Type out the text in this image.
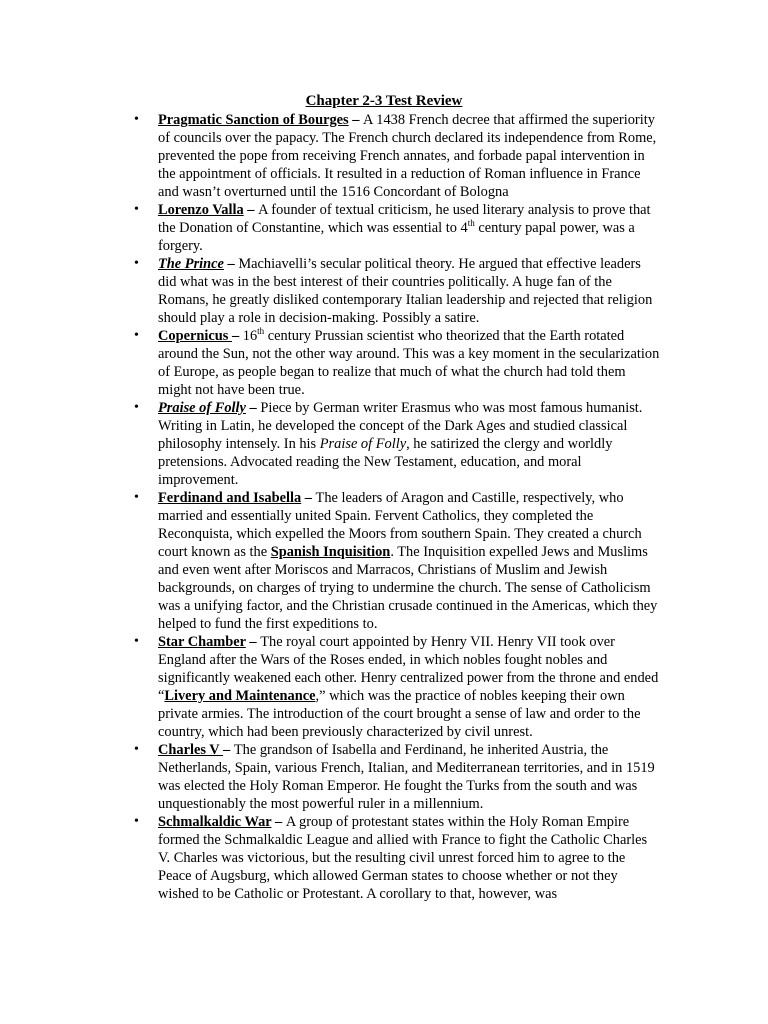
Chapter 2-3 Test Review
• Pragmatic Sanction of Bourges – A 1438 French decree that affirmed the superiority of councils over the papacy. The French church declared its independence from Rome, prevented the pope from receiving French annates, and forbade papal intervention in the appointment of officials. It resulted in a reduction of Roman influence in France and wasn’t overturned until the 1516 Concordant of Bologna
• Lorenzo Valla – A founder of textual criticism, he used literary analysis to prove that the Donation of Constantine, which was essential to 4th century papal power, was a forgery.
• The Prince – Machiavelli’s secular political theory. He argued that effective leaders did what was in the best interest of their countries politically. A huge fan of the Romans, he greatly disliked contemporary Italian leadership and rejected that religion should play a role in decision-making. Possibly a satire.
• Copernicus – 16th century Prussian scientist who theorized that the Earth rotated around the Sun, not the other way around. This was a key moment in the secularization of Europe, as people began to realize that much of what the church had told them might not have been true.
• Praise of Folly – Piece by German writer Erasmus who was most famous humanist. Writing in Latin, he developed the concept of the Dark Ages and studied classical philosophy intensely. In his Praise of Folly, he satirized the clergy and worldly pretensions. Advocated reading the New Testament, education, and moral improvement.
• Ferdinand and Isabella – The leaders of Aragon and Castille, respectively, who married and essentially united Spain. Fervent Catholics, they completed the Reconquista, which expelled the Moors from southern Spain. They created a church court known as the Spanish Inquisition. The Inquisition expelled Jews and Muslims and even went after Moriscos and Marracos, Christians of Muslim and Jewish backgrounds, on charges of trying to undermine the church. The sense of Catholicism was a unifying factor, and the Christian crusade continued in the Americas, which they helped to fund the first expeditions to.
• Star Chamber – The royal court appointed by Henry VII. Henry VII took over England after the Wars of the Roses ended, in which nobles fought nobles and significantly weakened each other. Henry centralized power from the throne and ended “Livery and Maintenance,” which was the practice of nobles keeping their own private armies. The introduction of the court brought a sense of law and order to the country, which had been previously characterized by civil unrest.
• Charles V – The grandson of Isabella and Ferdinand, he inherited Austria, the Netherlands, Spain, various French, Italian, and Mediterranean territories, and in 1519 was elected the Holy Roman Emperor. He fought the Turks from the south and was unquestionably the most powerful ruler in a millennium.
• Schmalkaldic War – A group of protestant states within the Holy Roman Empire formed the Schmalkaldic League and allied with France to fight the Catholic Charles V. Charles was victorious, but the resulting civil unrest forced him to agree to the Peace of Augsburg, which allowed German states to choose whether or not they wished to be Catholic or Protestant. A corollary to that, however, was
